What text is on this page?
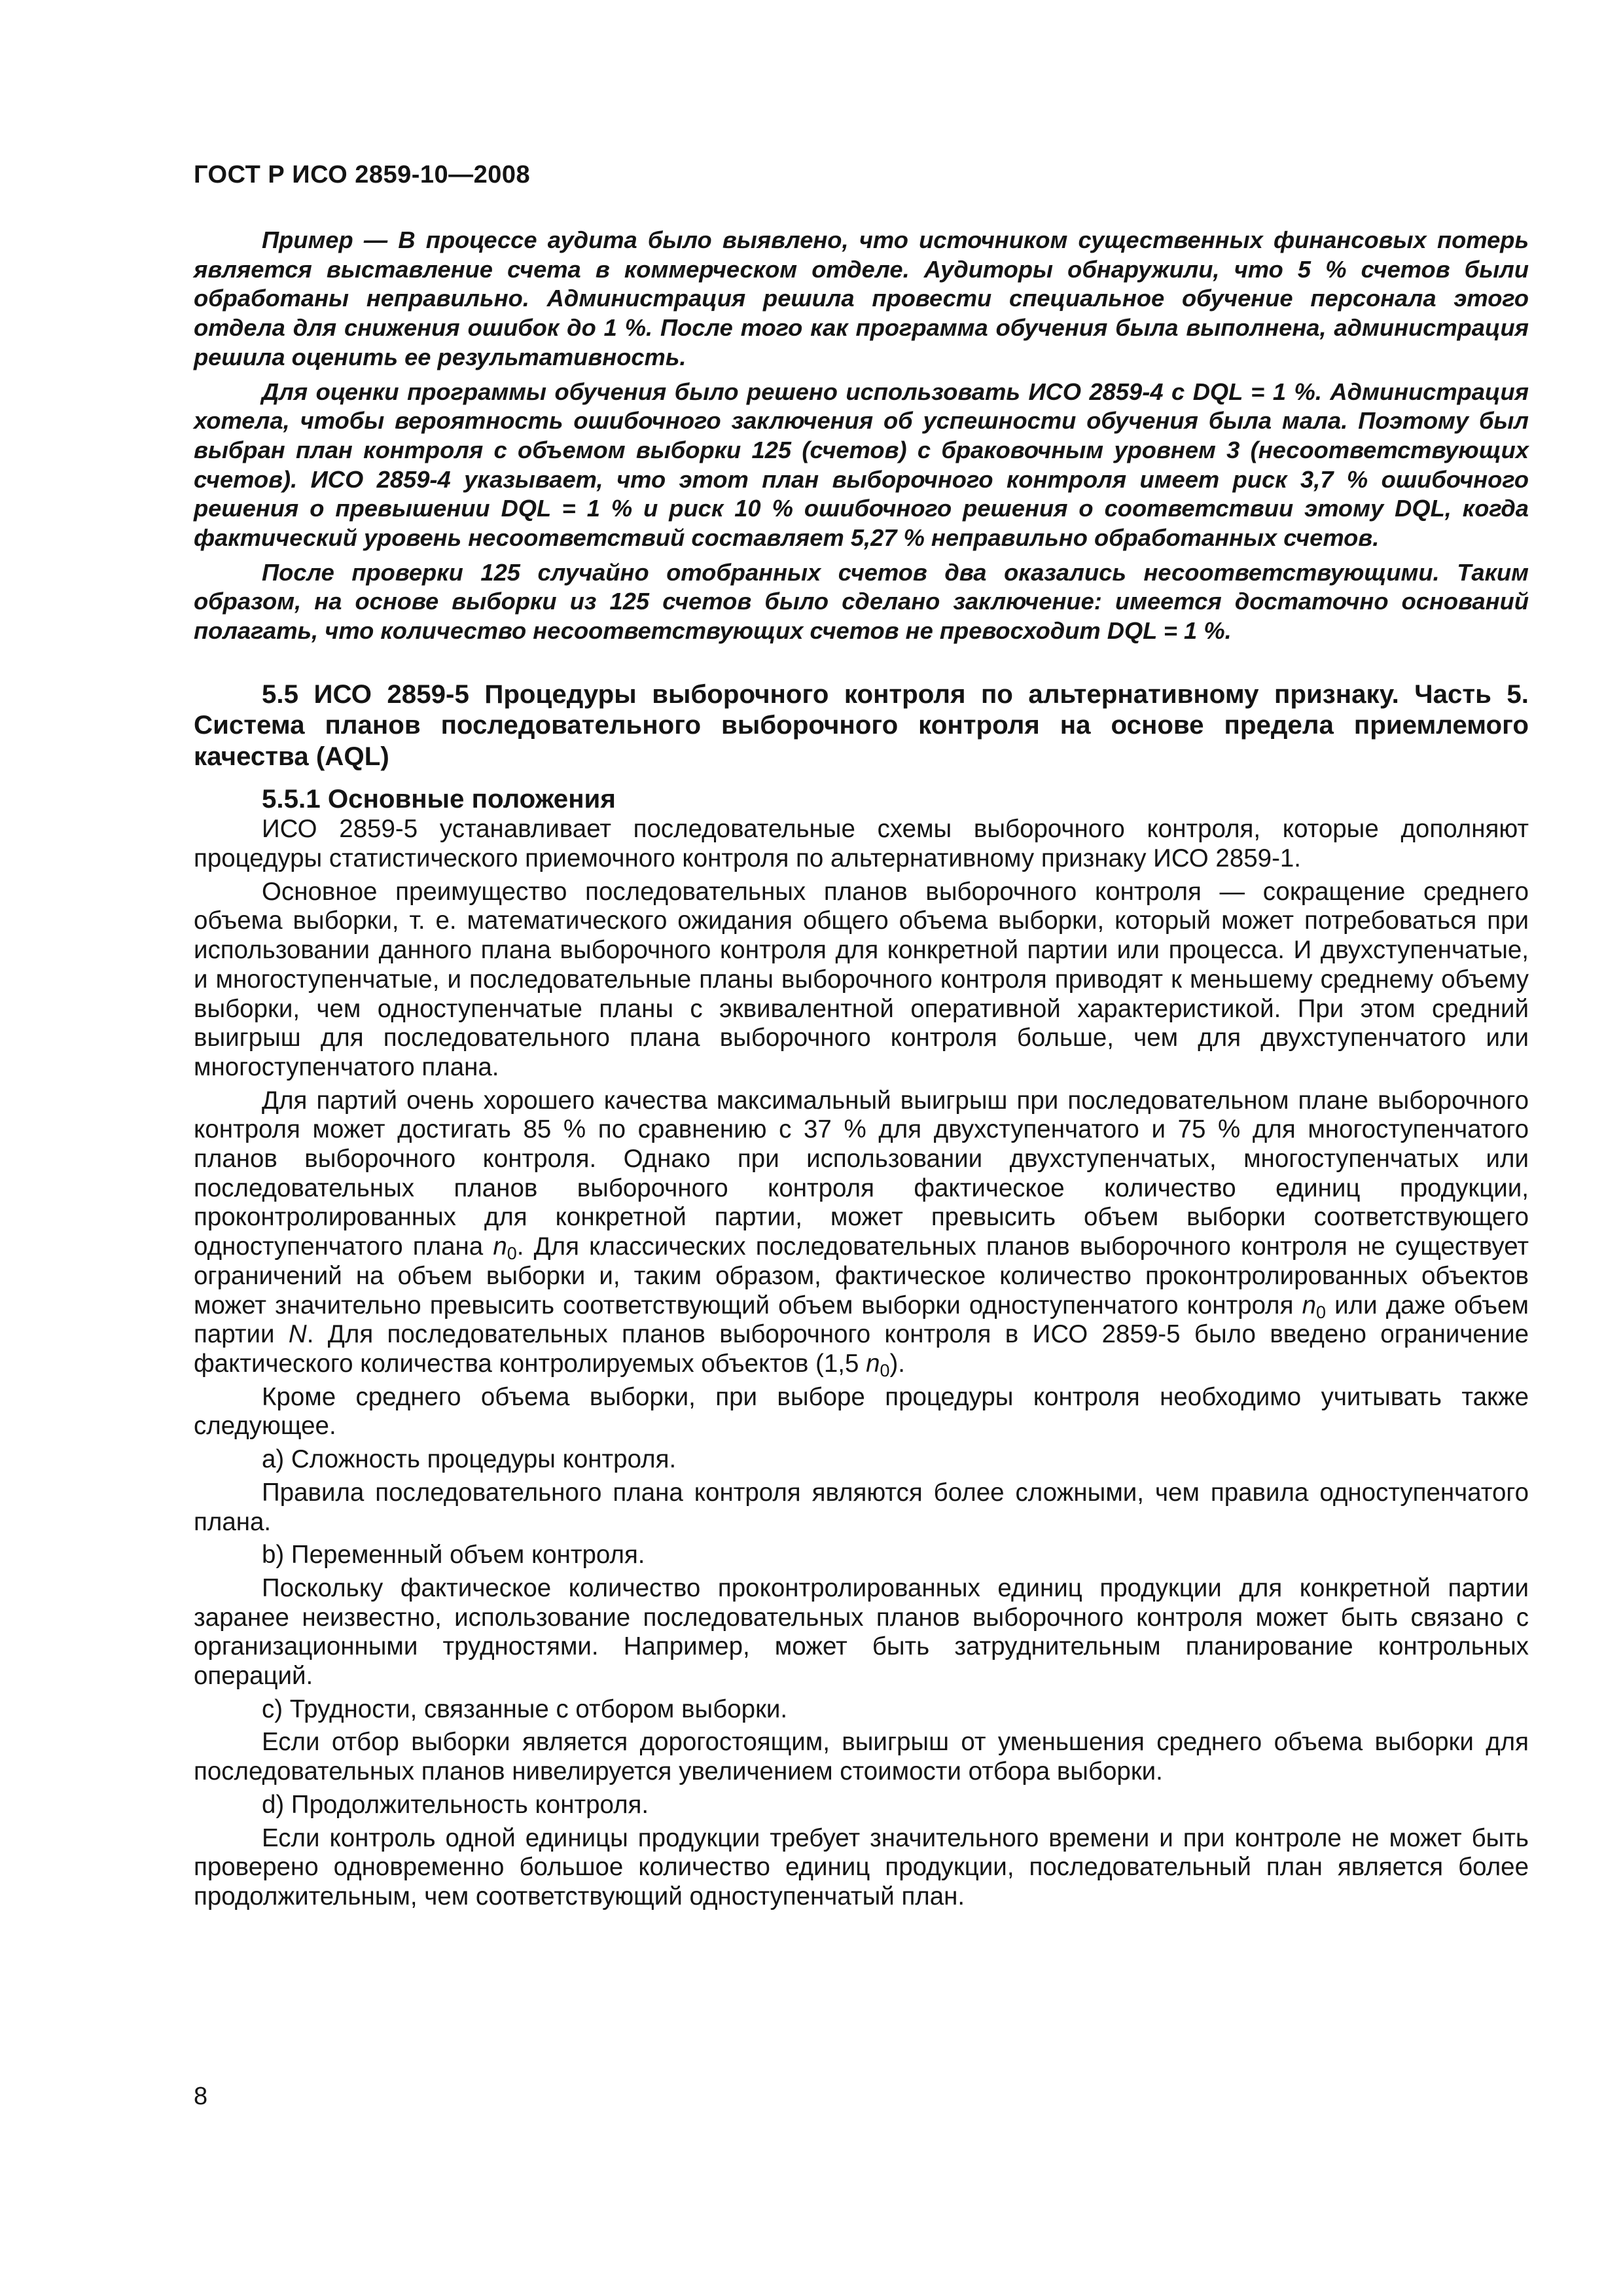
ГОСТ Р ИСО 2859-10—2008

Пример — В процессе аудита было выявлено, что источником существенных финансовых потерь является выставление счета в коммерческом отделе. Аудиторы обнаружили, что 5 % счетов были обработаны неправильно. Администрация решила провести специальное обучение персонала этого отдела для снижения ошибок до 1 %. После того как программа обучения была выполнена, администрация решила оценить ее результативность.

Для оценки программы обучения было решено использовать ИСО 2859-4 с DQL = 1 %. Администрация хотела, чтобы вероятность ошибочного заключения об успешности обучения была мала. Поэтому был выбран план контроля с объемом выборки 125 (счетов) с браковочным уровнем 3 (несоответствующих счетов). ИСО 2859-4 указывает, что этот план выборочного контроля имеет риск 3,7 % ошибочного решения о превышении DQL = 1 % и риск 10 % ошибочного решения о соответствии этому DQL, когда фактический уровень несоответствий составляет 5,27 % неправильно обработанных счетов.

После проверки 125 случайно отобранных счетов два оказались несоответствующими. Таким образом, на основе выборки из 125 счетов было сделано заключение: имеется достаточно оснований полагать, что количество несоответствующих счетов не превосходит DQL = 1 %.

5.5 ИСО 2859-5 Процедуры выборочного контроля по альтернативному признаку. Часть 5. Система планов последовательного выборочного контроля на основе предела приемлемого качества (AQL)
5.5.1 Основные положения

ИСО 2859-5 устанавливает последовательные схемы выборочного контроля, которые дополняют процедуры статистического приемочного контроля по альтернативному признаку ИСО 2859-1.

Основное преимущество последовательных планов выборочного контроля — сокращение среднего объема выборки, т. е. математического ожидания общего объема выборки, который может потребоваться при использовании данного плана выборочного контроля для конкретной партии или процесса. И двухступенчатые, и многоступенчатые, и последовательные планы выборочного контроля приводят к меньшему среднему объему выборки, чем одноступенчатые планы с эквивалентной оперативной характеристикой. При этом средний выигрыш для последовательного плана выборочного контроля больше, чем для двухступенчатого или многоступенчатого плана.

Для партий очень хорошего качества максимальный выигрыш при последовательном плане выборочного контроля может достигать 85 % по сравнению с 37 % для двухступенчатого и 75 % для многоступенчатого планов выборочного контроля. Однако при использовании двухступенчатых, многоступенчатых или последовательных планов выборочного контроля фактическое количество единиц продукции, проконтролированных для конкретной партии, может превысить объем выборки соответствующего одноступенчатого плана $n_0$. Для классических последовательных планов выборочного контроля не существует ограничений на объем выборки и, таким образом, фактическое количество проконтролированных объектов может значительно превысить соответствующий объем выборки одноступенчатого контроля $n_0$ или даже объем партии N. Для последовательных планов выборочного контроля в ИСО 2859-5 было введено ограничение фактического количества контролируемых объектов (1,5 $n_0$).

Кроме среднего объема выборки, при выборе процедуры контроля необходимо учитывать также следующее.

а) Сложность процедуры контроля.

Правила последовательного плана контроля являются более сложными, чем правила одноступенчатого плана.

b) Переменный объем контроля.

Поскольку фактическое количество проконтролированных единиц продукции для конкретной партии заранее неизвестно, использование последовательных планов выборочного контроля может быть связано с организационными трудностями. Например, может быть затруднительным планирование контрольных операций.

с) Трудности, связанные с отбором выборки.

Если отбор выборки является дорогостоящим, выигрыш от уменьшения среднего объема выборки для последовательных планов нивелируется увеличением стоимости отбора выборки.

d) Продолжительность контроля.

Если контроль одной единицы продукции требует значительного времени и при контроле не может быть проверено одновременно большое количество единиц продукции, последовательный план является более продолжительным, чем соответствующий одноступенчатый план.

8
